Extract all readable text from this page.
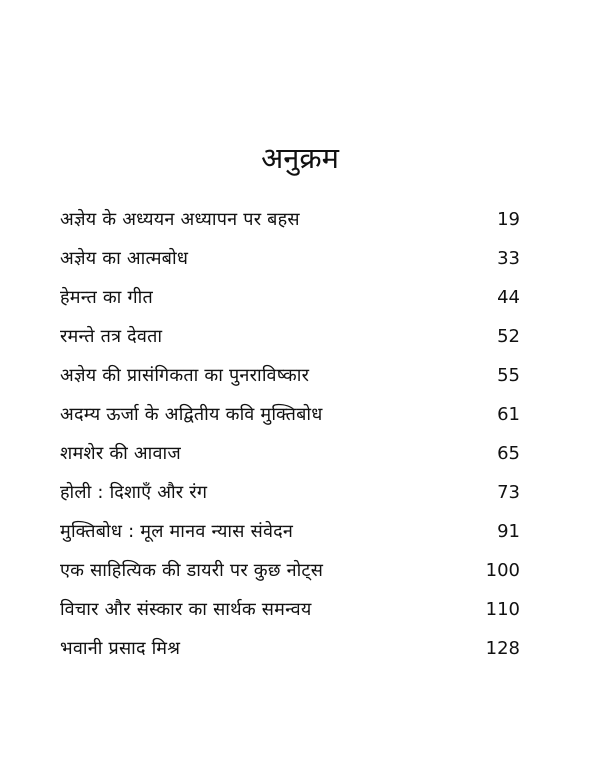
अनुक्रम
अज्ञेय के अध्ययन अध्यापन पर बहस	19
अज्ञेय का आत्मबोध	33
हेमन्त का गीत	44
रमन्ते तत्र देवता	52
अज्ञेय की प्रासंगिकता का पुनराविष्कार	55
अदम्य ऊर्जा के अद्वितीय कवि मुक्तिबोध	61
शमशेर की आवाज	65
होली : दिशाएँ और रंग	73
मुक्तिबोध : मूल मानव न्यास संवेदन	91
एक साहित्यिक की डायरी पर कुछ नोट्स	100
विचार और संस्कार का सार्थक समन्वय	110
भवानी प्रसाद मिश्र	128
